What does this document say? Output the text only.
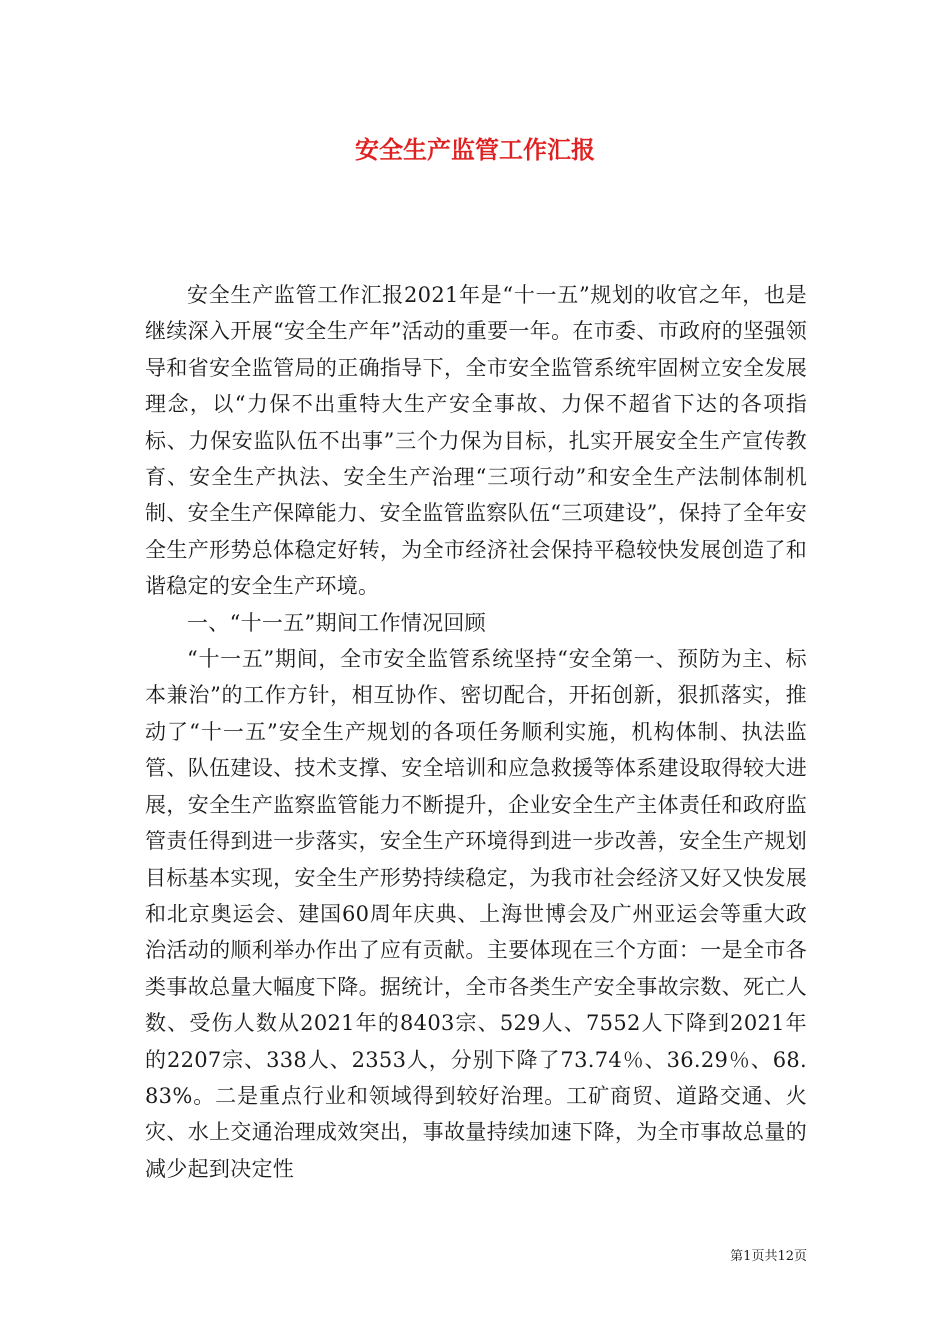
安全生产监管工作汇报

安全生产监管工作汇报2021年是“十一五”规划的收官之年，也是继续深入开展“安全生产年”活动的重要一年。在市委、市政府的坚强领导和省安全监管局的正确指导下，全市安全监管系统牢固树立安全发展理念，以“力保不出重特大生产安全事故、力保不超省下达的各项指标、力保安监队伍不出事”三个力保为目标，扎实开展安全生产宣传教育、安全生产执法、安全生产治理“三项行动”和安全生产法制体制机制、安全生产保障能力、安全监管监察队伍“三项建设”，保持了全年安全生产形势总体稳定好转，为全市经济社会保持平稳较快发展创造了和谐稳定的安全生产环境。

一、“十一五”期间工作情况回顾

“十一五”期间，全市安全监管系统坚持“安全第一、预防为主、标本兼治”的工作方针，相互协作、密切配合，开拓创新，狠抓落实，推动了“十一五”安全生产规划的各项任务顺利实施，机构体制、执法监管、队伍建设、技术支撑、安全培训和应急救援等体系建设取得较大进展，安全生产监察监管能力不断提升，企业安全生产主体责任和政府监管责任得到进一步落实，安全生产环境得到进一步改善，安全生产规划目标基本实现，安全生产形势持续稳定，为我市社会经济又好又快发展和北京奥运会、建国60周年庆典、上海世博会及广州亚运会等重大政治活动的顺利举办作出了应有贡献。主要体现在三个方面：一是全市各类事故总量大幅度下降。据统计，全市各类生产安全事故宗数、死亡人数、受伤人数从2021年的8403宗、529人、7552人下降到2021年的2207宗、338人、2353人，分别下降了73.74％、36.29％、68.83%。二是重点行业和领域得到较好治理。工矿商贸、道路交通、火灾、水上交通治理成效突出，事故量持续加速下降，为全市事故总量的减少起到决定性

第1页共12页
